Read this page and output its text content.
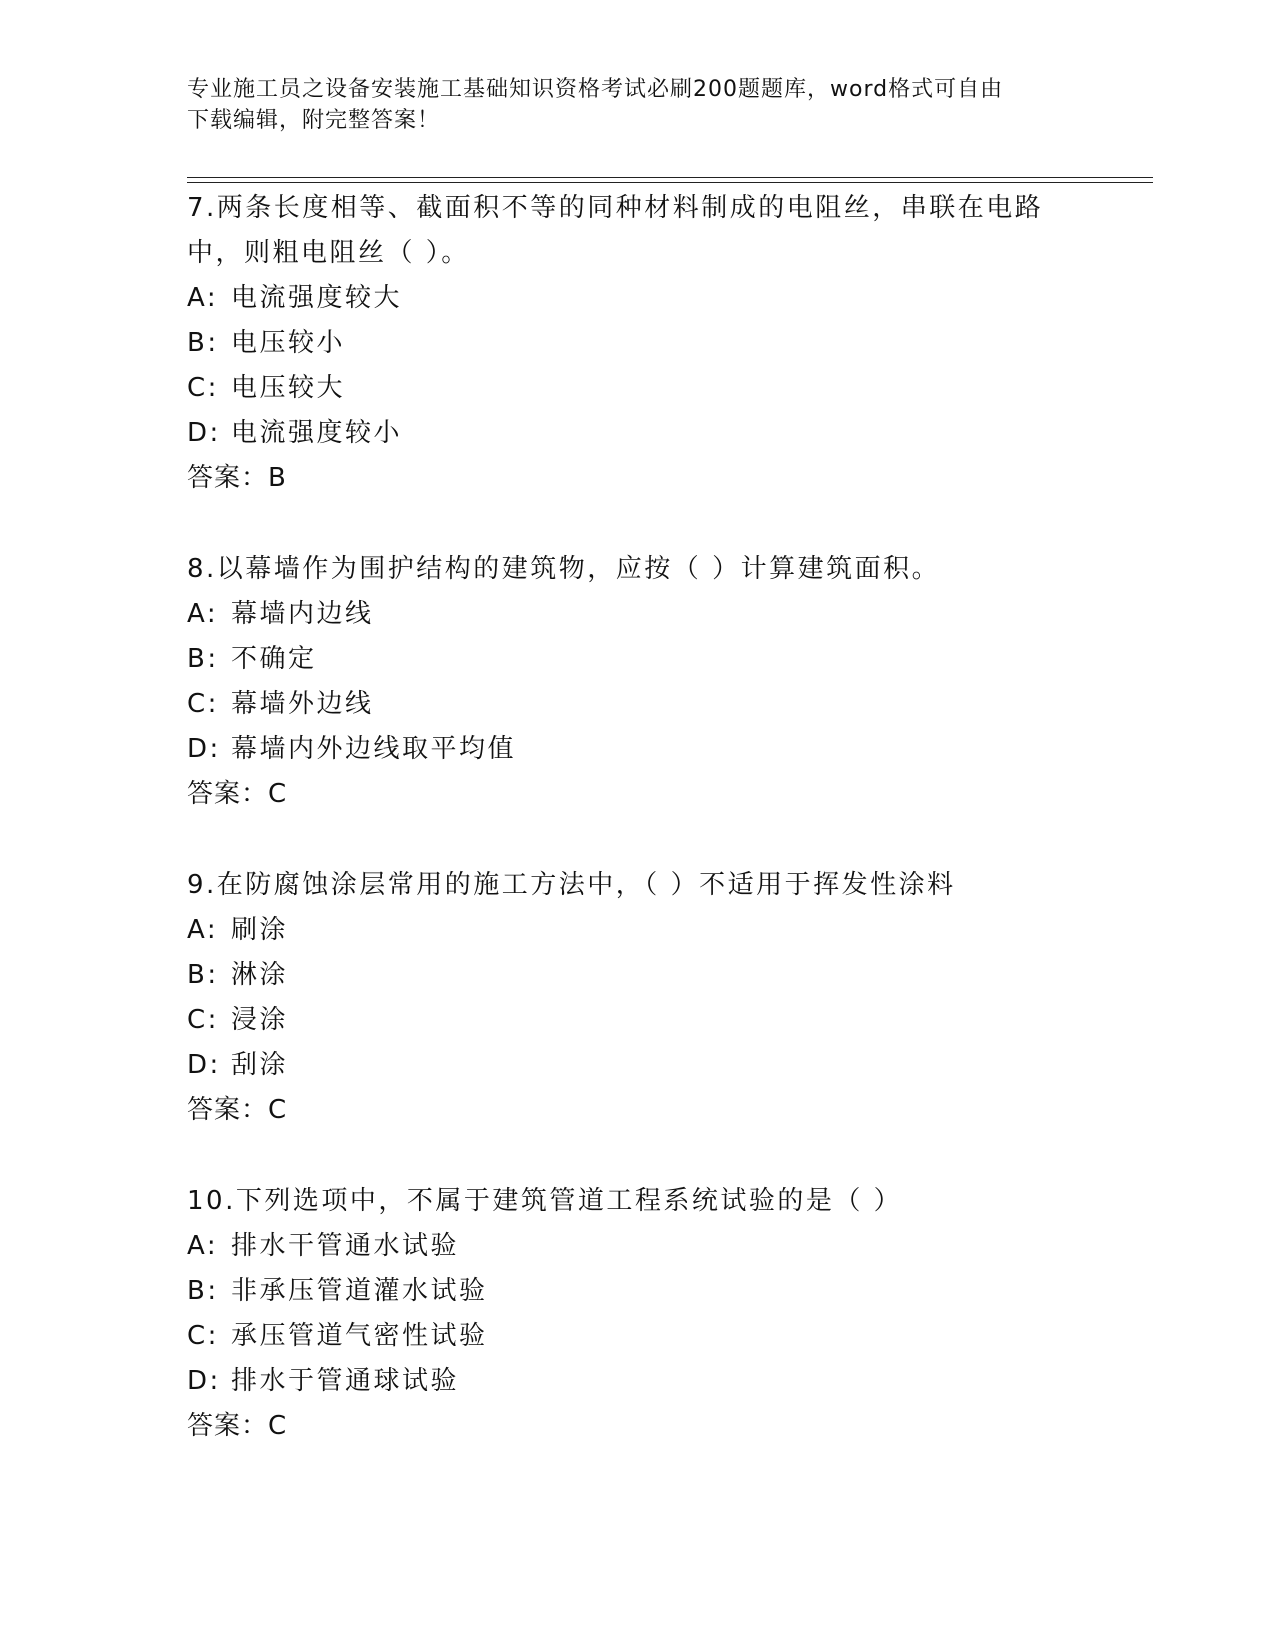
专业施工员之设备安装施工基础知识资格考试必刷200题题库，word格式可自由
下载编辑，附完整答案！
7.两条长度相等、截面积不等的同种材料制成的电阻丝，串联在电路中，则粗电阻丝（ ）。
A: 电流强度较大
B: 电压较小
C: 电压较大
D: 电流强度较小
答案：B
8.以幕墙作为围护结构的建筑物，应按（ ）计算建筑面积。
A: 幕墙内边线
B: 不确定
C: 幕墙外边线
D: 幕墙内外边线取平均值
答案：C
9.在防腐蚀涂层常用的施工方法中，（ ）不适用于挥发性涂料
A: 刷涂
B: 淋涂
C: 浸涂
D: 刮涂
答案：C
10.下列选项中，不属于建筑管道工程系统试验的是（ ）
A: 排水干管通水试验
B: 非承压管道灌水试验
C: 承压管道气密性试验
D: 排水于管通球试验
答案：C
